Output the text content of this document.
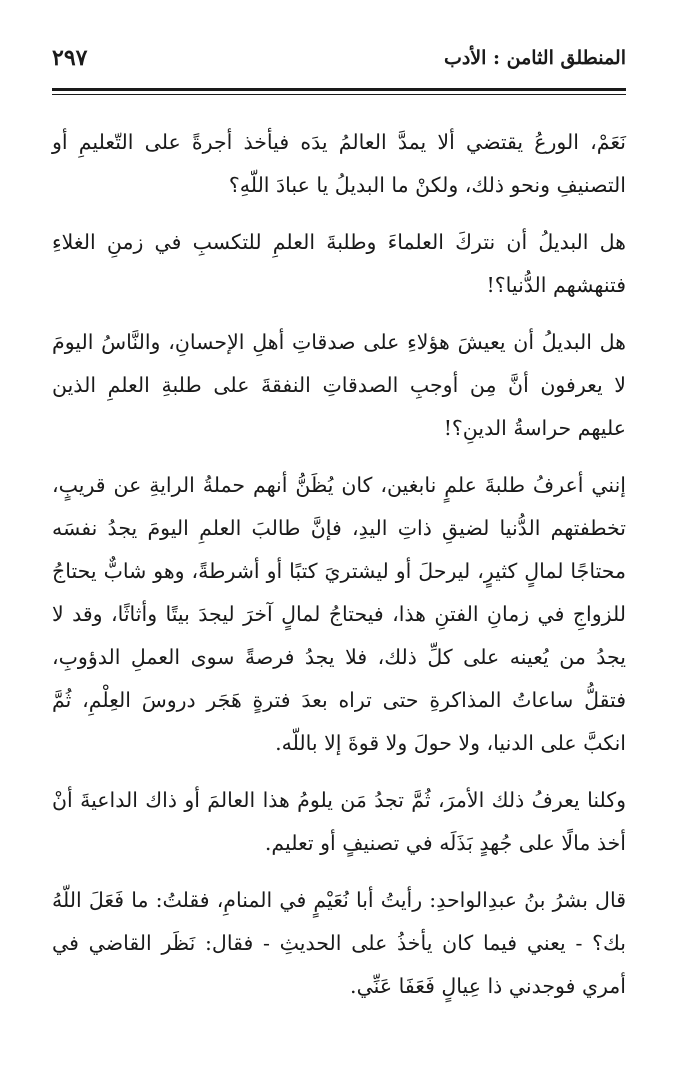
المنطلق الثامن : الأدب
٢٩٧

نَعَمْ، الورعُ يقتضي ألا يمدَّ العالمُ يدَه فيأخذ أجرةً على التّعليمِ أو التصنيفِ ونحو ذلك، ولكنْ ما البديلُ يا عبادَ اللّهِ؟

هل البديلُ أن نتركَ العلماءَ وطلبةَ العلمِ للتكسبِ في زمنِ الغلاءِ فتنهشهم الدُّنيا؟!

هل البديلُ أن يعيشَ هؤلاءِ على صدقاتِ أهلِ الإحسانِ، والنَّاسُ اليومَ لا يعرفون أنَّ مِن أوجبِ الصدقاتِ النفقةَ على طلبةِ العلمِ الذين عليهم حراسةُ الدينِ؟!

إنني أعرفُ طلبةَ علمٍ نابغين، كان يُظَنُّ أنهم حملةُ الرايةِ عن قريبٍ، تخطفتهم الدُّنيا لضيقِ ذاتِ اليدِ، فإنَّ طالبَ العلمِ اليومَ يجدُ نفسَه محتاجًا لمالٍ كثيرٍ، ليرحلَ أو ليشتريَ كتبًا أو أشرطةً، وهو شابٌّ يحتاجُ للزواجِ في زمانِ الفتنِ هذا، فيحتاجُ لمالٍ آخرَ ليجدَ بيتًا وأثاثًا، وقد لا يجدُ من يُعينه على كلِّ ذلك، فلا يجدُ فرصةً سوى العملِ الدؤوبِ، فتقلُّ ساعاتُ المذاكرةِ حتى تراه بعدَ فترةٍ هَجَر دروسَ العِلْمِ، ثُمَّ انكبَّ على الدنيا، ولا حولَ ولا قوةَ إلا باللّه.

وكلنا يعرفُ ذلك الأمرَ، ثُمَّ تجدُ مَن يلومُ هذا العالمَ أو ذاك الداعيةَ أنْ أخذ مالًا على جُهدٍ بَذَلَه في تصنيفٍ أو تعليم.

قال بشرُ بنُ عبدِالواحدِ: رأيتُ أبا نُعَيْمٍ في المنامِ، فقلتُ: ما فَعَلَ اللّهُ بك؟ - يعني فيما كان يأخذُ على الحديثِ - فقال: نَظَر القاضي في أمري فوجدني ذا عِيالٍ فَعَفَا عَنِّي.
